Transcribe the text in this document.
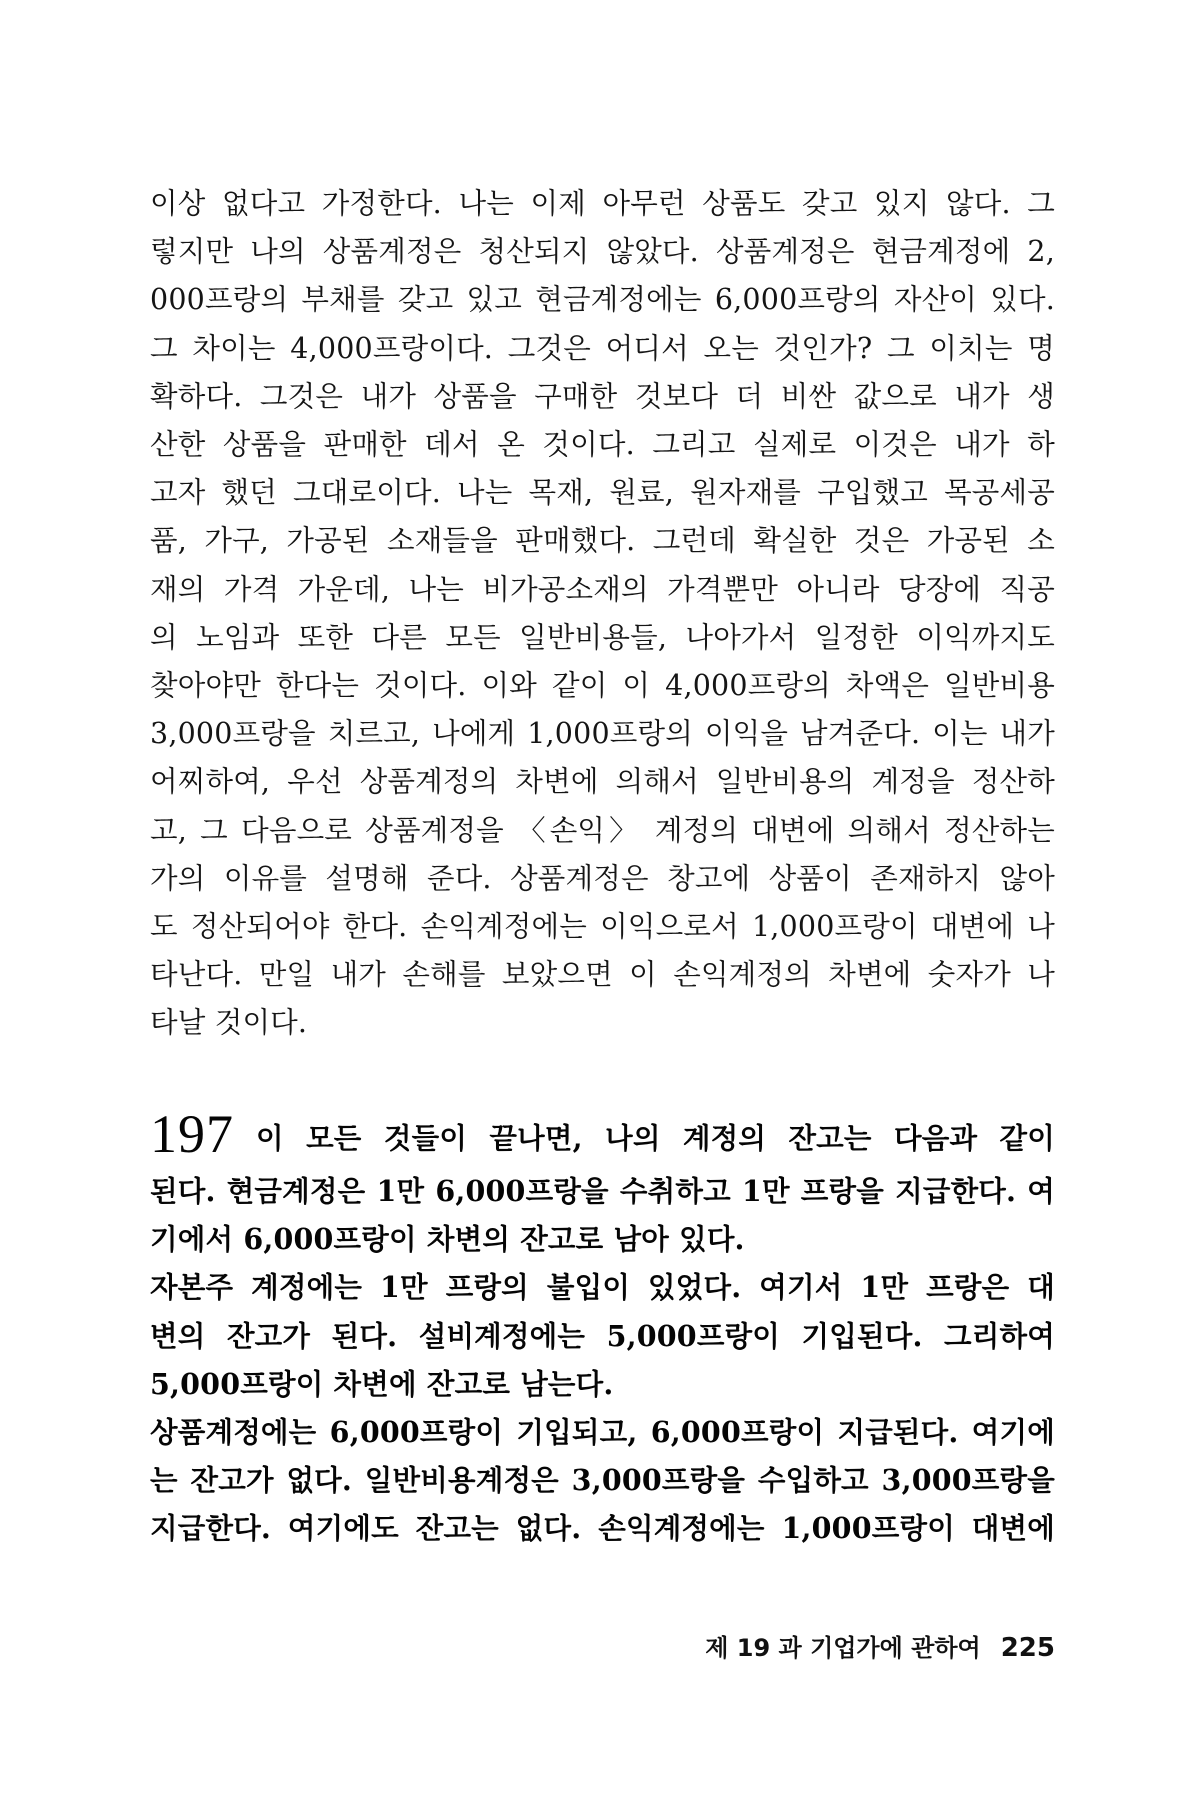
이상 없다고 가정한다. 나는 이제 아무런 상품도 갖고 있지 않다. 그
렇지만 나의 상품계정은 청산되지 않았다. 상품계정은 현금계정에 2,
000프랑의 부채를 갖고 있고 현금계정에는 6,000프랑의 자산이 있다.
그 차이는 4,000프랑이다. 그것은 어디서 오는 것인가? 그 이치는 명
확하다. 그것은 내가 상품을 구매한 것보다 더 비싼 값으로 내가 생
산한 상품을 판매한 데서 온 것이다. 그리고 실제로 이것은 내가 하
고자 했던 그대로이다. 나는 목재, 원료, 원자재를 구입했고 목공세공
품, 가구, 가공된 소재들을 판매했다. 그런데 확실한 것은 가공된 소
재의 가격 가운데, 나는 비가공소재의 가격뿐만 아니라 당장에 직공
의 노임과 또한 다른 모든 일반비용들, 나아가서 일정한 이익까지도
찾아야만 한다는 것이다. 이와 같이 이 4,000프랑의 차액은 일반비용
3,000프랑을 치르고, 나에게 1,000프랑의 이익을 남겨준다. 이는 내가
어찌하여, 우선 상품계정의 차변에 의해서 일반비용의 계정을 정산하
고, 그 다음으로 상품계정을 〈손익〉 계정의 대변에 의해서 정산하는
가의 이유를 설명해 준다. 상품계정은 창고에 상품이 존재하지 않아
도 정산되어야 한다. 손익계정에는 이익으로서 1,000프랑이 대변에 나
타난다. 만일 내가 손해를 보았으면 이 손익계정의 차변에 숫자가 나
타날 것이다.
197 이 모든 것들이 끝나면, 나의 계정의 잔고는 다음과 같이
된다. 현금계정은 1만 6,000프랑을 수취하고 1만 프랑을 지급한다. 여
기에서 6,000프랑이 차변의 잔고로 남아 있다.
자본주 계정에는 1만 프랑의 불입이 있었다. 여기서 1만 프랑은 대
변의 잔고가 된다. 설비계정에는 5,000프랑이 기입된다. 그리하여
5,000프랑이 차변에 잔고로 남는다.
상품계정에는 6,000프랑이 기입되고, 6,000프랑이 지급된다. 여기에
는 잔고가 없다. 일반비용계정은 3,000프랑을 수입하고 3,000프랑을
지급한다. 여기에도 잔고는 없다. 손익계정에는 1,000프랑이 대변에
제 19 과 기업가에 관하여 225
